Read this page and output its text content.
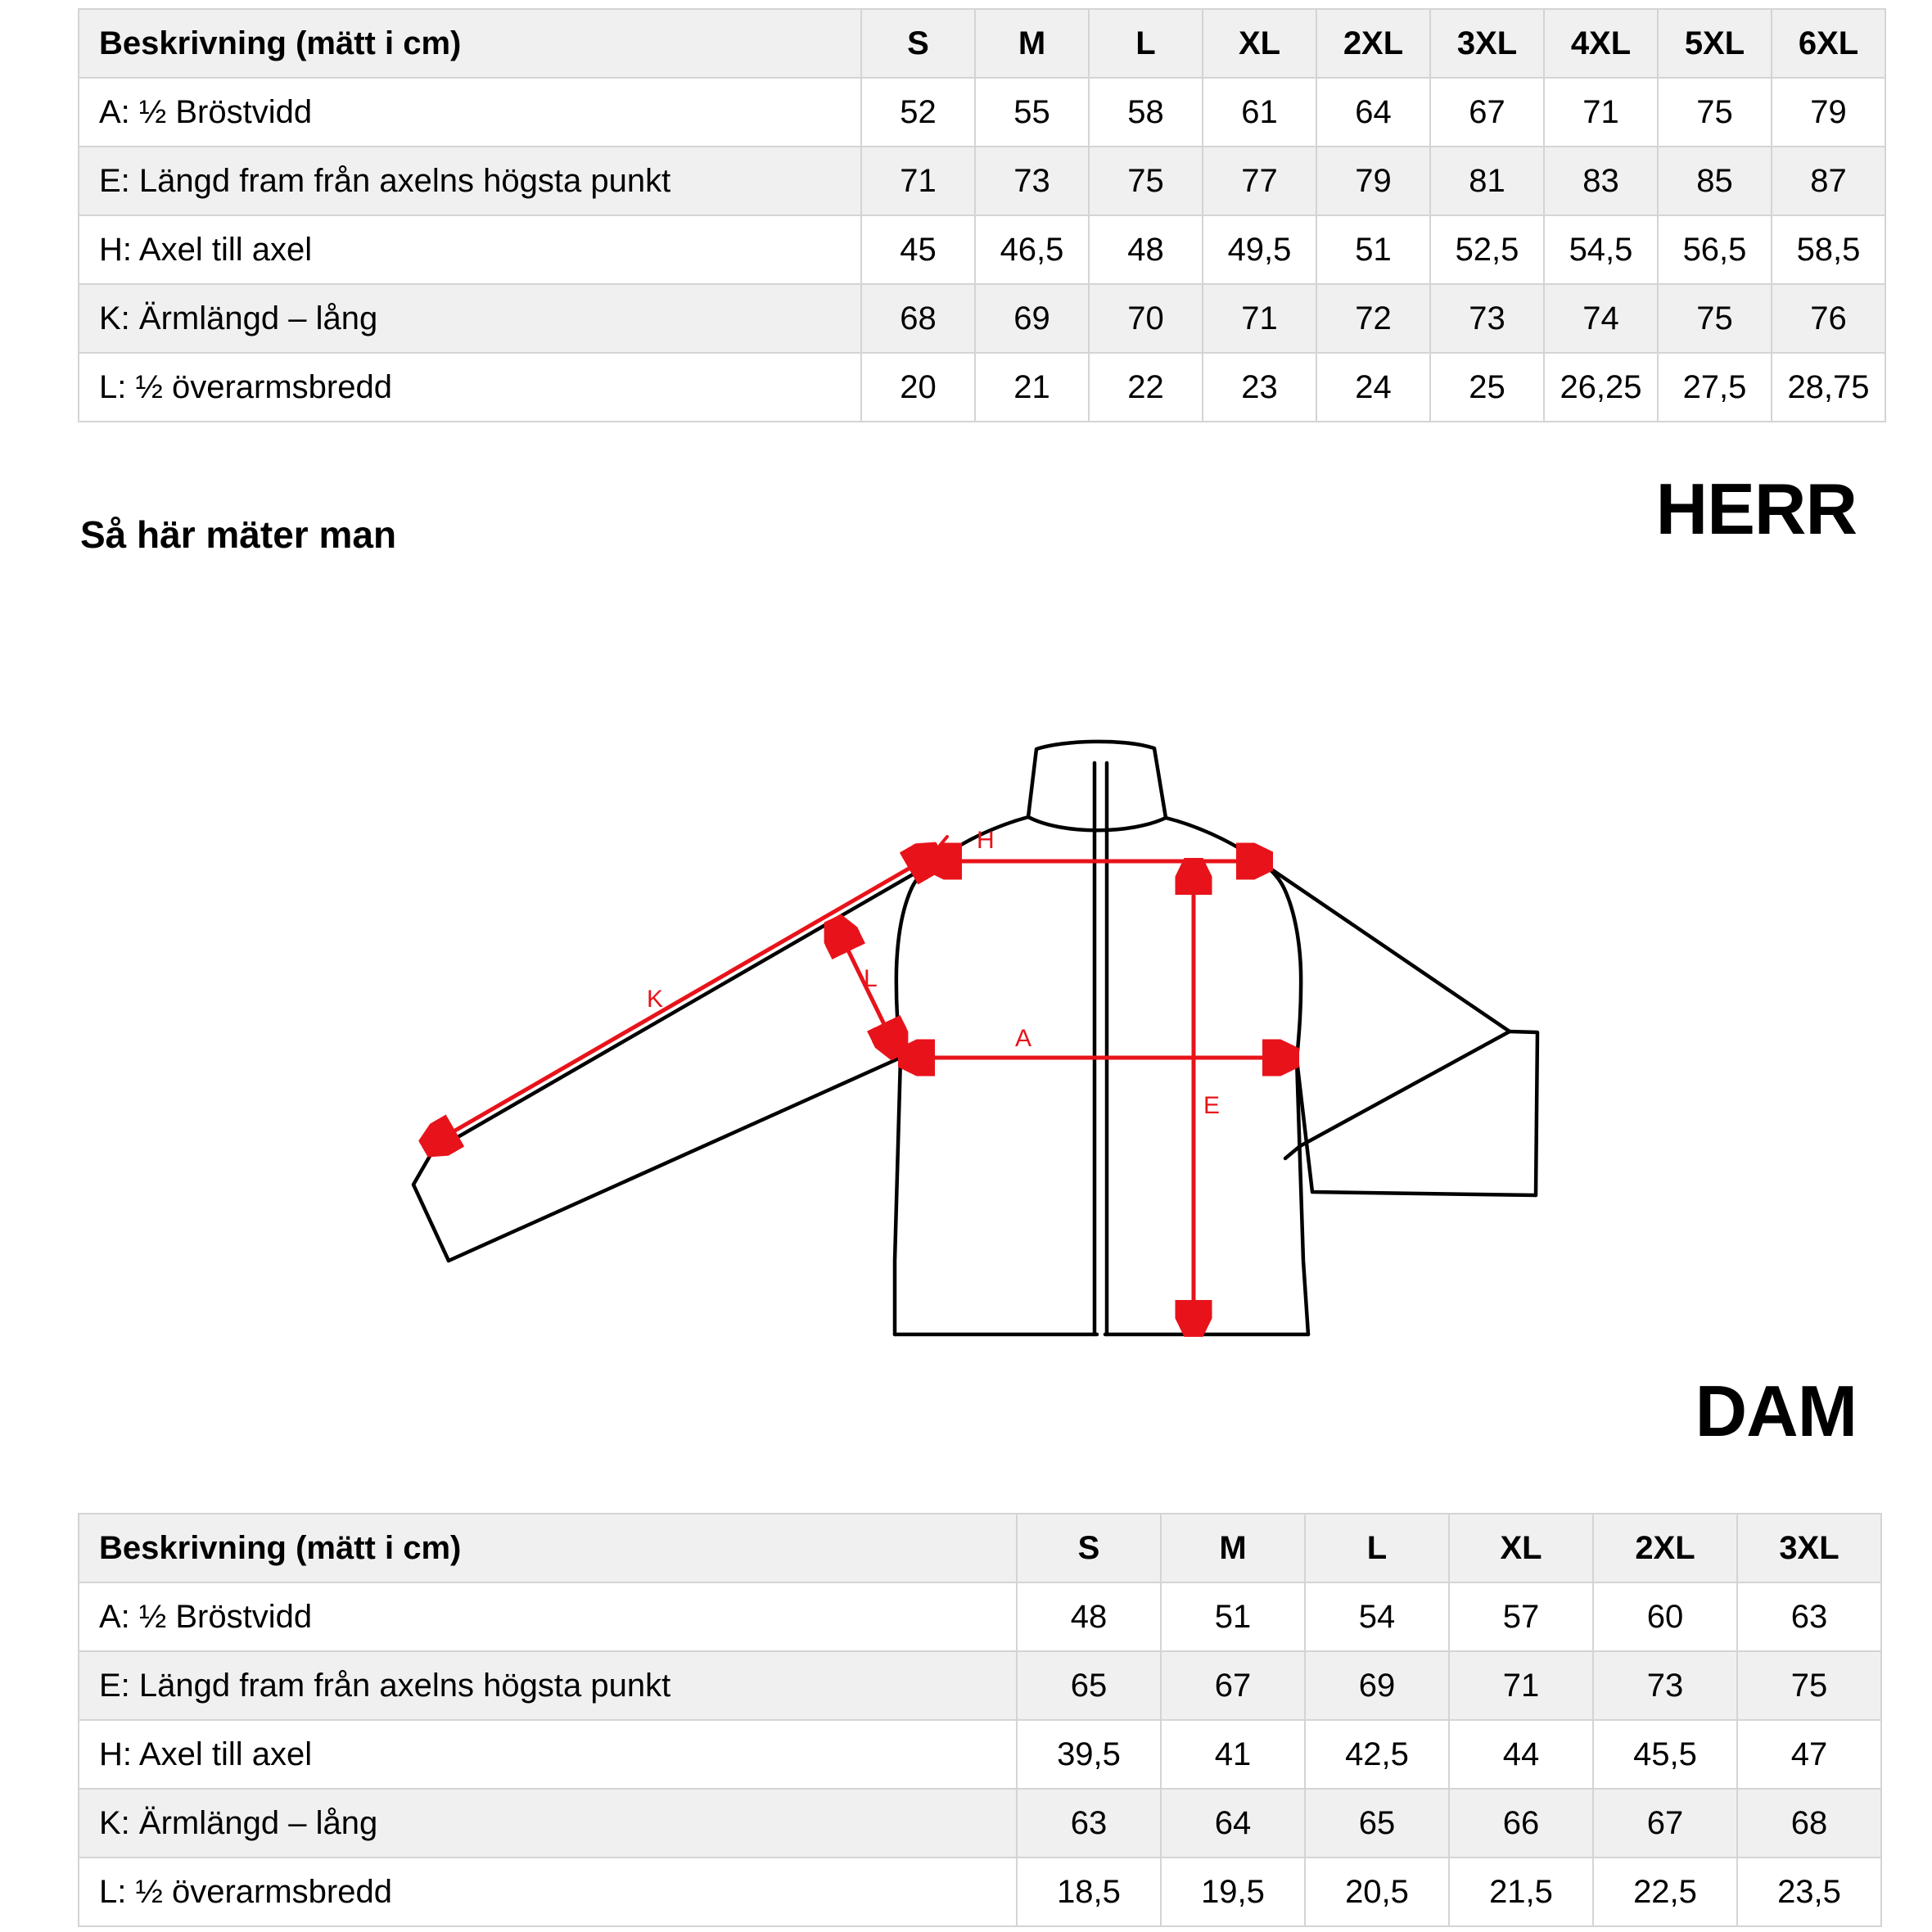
Beskrivning (mätt i cm)	S	M	L	XL	2XL	3XL	4XL	5XL	6XL
A: ½ Bröstvidd	52	55	58	61	64	67	71	75	79
E: Längd fram från axelns högsta punkt	71	73	75	77	79	81	83	85	87
H: Axel till axel	45	46,5	48	49,5	51	52,5	54,5	56,5	58,5
K: Ärmlängd – lång	68	69	70	71	72	73	74	75	76
L: ½ överarmsbredd	20	21	22	23	24	25	26,25	27,5	28,75
HERR
Så här mäter man
H
A
E
K
L
DAM
Beskrivning (mätt i cm)	S	M	L	XL	2XL	3XL
A: ½ Bröstvidd	48	51	54	57	60	63
E: Längd fram från axelns högsta punkt	65	67	69	71	73	75
H: Axel till axel	39,5	41	42,5	44	45,5	47
K: Ärmlängd – lång	63	64	65	66	67	68
L: ½ överarmsbredd	18,5	19,5	20,5	21,5	22,5	23,5
